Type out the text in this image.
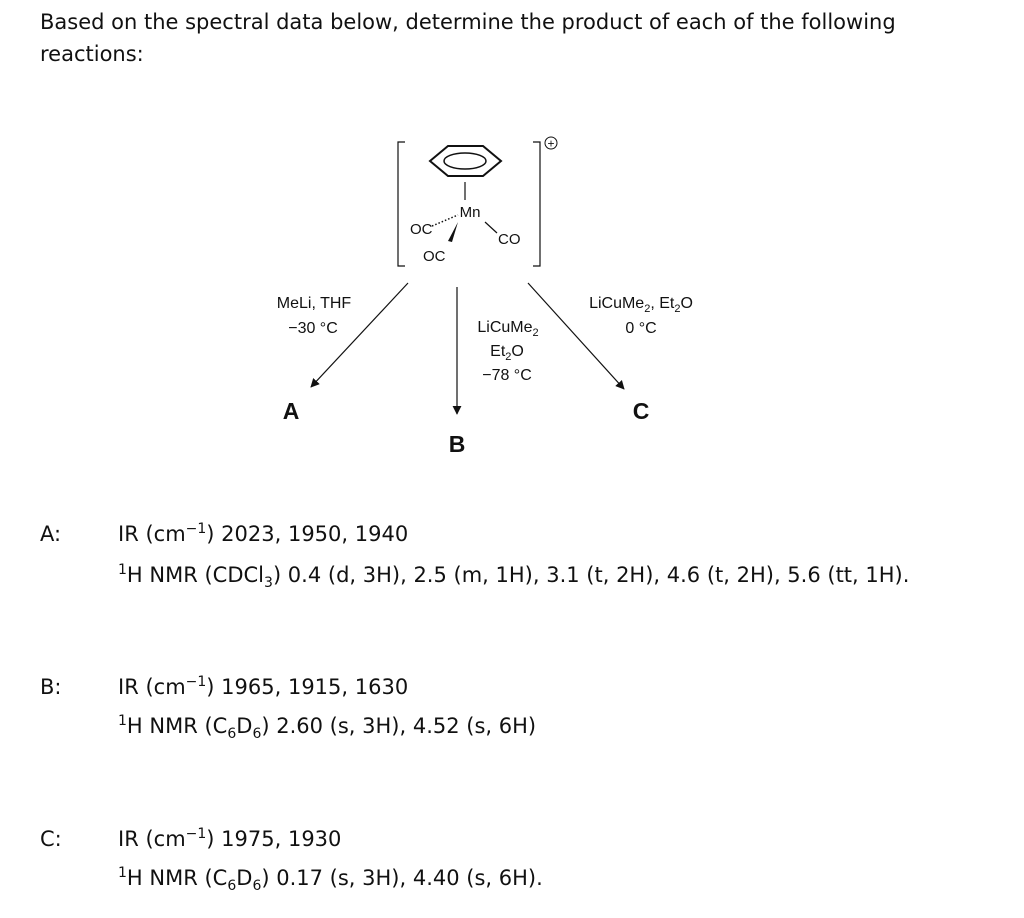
Based on the spectral data below, determine the product of each of the following
reactions:
+
Mn
OC
OC
CO
MeLi, THF
−30 °C
A
LiCuMe$_2$
$Et_2O$
−78 °C
B
LiCuMe$_2$, $Et_2O$
0 °C
C
A:	IR $(cm^{-1})$ 2023, 1950, 1940
$^1$H NMR (CDCl$_3$) 0.4 (d, 3H), 2.5 (m, 1H), 3.1 (t, 2H), 4.6 (t, 2H), 5.6 (tt, 1H).
B:	IR $(cm^{-1})$ 1965, 1915, 1630
$^1$H NMR $(C_6D_6)$ 2.60 (s, 3H), 4.52 (s, 6H)
C:	IR $(cm^{-1})$ 1975, 1930
$^1$H NMR $(C_6D_6)$ 0.17 (s, 3H), 4.40 (s, 6H).
